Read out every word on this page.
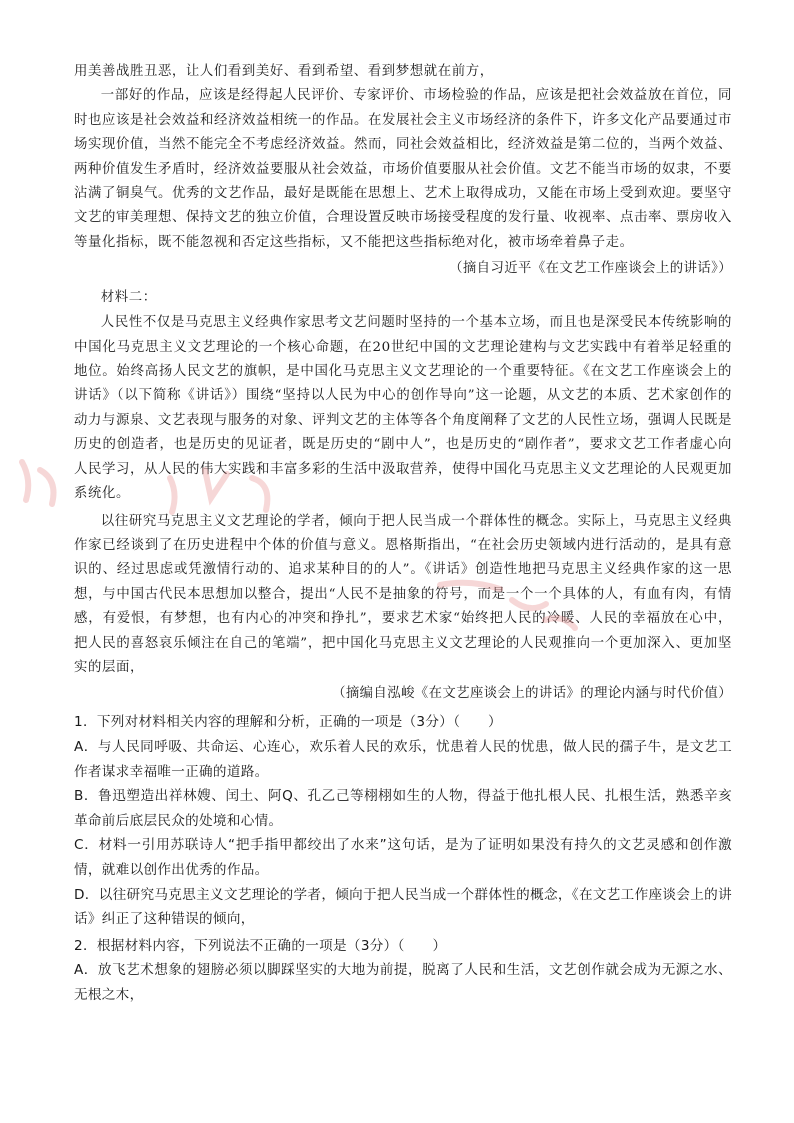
用美善战胜丑恶，让人们看到美好、看到希望、看到梦想就在前方，

一部好的作品，应该是经得起人民评价、专家评价、市场检验的作品，应该是把社会效益放在首位，同时也应该是社会效益和经济效益相统一的作品。在发展社会主义市场经济的条件下，许多文化产品要通过市场实现价值，当然不能完全不考虑经济效益。然而，同社会效益相比，经济效益是第二位的，当两个效益、两种价值发生矛盾时，经济效益要服从社会效益，市场价值要服从社会价值。文艺不能当市场的奴隶，不要沾满了铜臭气。优秀的文艺作品，最好是既能在思想上、艺术上取得成功，又能在市场上受到欢迎。要坚守文艺的审美理想、保持文艺的独立价值，合理设置反映市场接受程度的发行量、收视率、点击率、票房收入等量化指标，既不能忽视和否定这些指标，又不能把这些指标绝对化，被市场牵着鼻子走。

（摘自习近平《在文艺工作座谈会上的讲话》）

材料二：

人民性不仅是马克思主义经典作家思考文艺问题时坚持的一个基本立场，而且也是深受民本传统影响的中国化马克思主义文艺理论的一个核心命题，在20世纪中国的文艺理论建构与文艺实践中有着举足轻重的地位。始终高扬人民文艺的旗帜，是中国化马克思主义文艺理论的一个重要特征。《在文艺工作座谈会上的讲话》（以下简称《讲话》）围绕“坚持以人民为中心的创作导向”这一论题，从文艺的本质、艺术家创作的动力与源泉、文艺表现与服务的对象、评判文艺的主体等各个角度阐释了文艺的人民性立场，强调人民既是历史的创造者，也是历史的见证者，既是历史的“剧中人”，也是历史的“剧作者”，要求文艺工作者虚心向人民学习，从人民的伟大实践和丰富多彩的生活中汲取营养，使得中国化马克思主义文艺理论的人民观更加系统化。

以往研究马克思主义文艺理论的学者，倾向于把人民当成一个群体性的概念。实际上，马克思主义经典作家已经谈到了在历史进程中个体的价值与意义。恩格斯指出，“在社会历史领域内进行活动的，是具有意识的、经过思虑或凭激情行动的、追求某种目的的人”。《讲话》创造性地把马克思主义经典作家的这一思想，与中国古代民本思想加以整合，提出“人民不是抽象的符号，而是一个一个具体的人，有血有肉，有情感，有爱恨，有梦想，也有内心的冲突和挣扎”，要求艺术家“始终把人民的冷暖、人民的幸福放在心中，把人民的喜怒哀乐倾注在自己的笔端”，把中国化马克思主义文艺理论的人民观推向一个更加深入、更加坚实的层面，

（摘编自泓峻《在文艺座谈会上的讲话》的理论内涵与时代价值）

1．下列对材料相关内容的理解和分析，正确的一项是（3分）（　　）

A．与人民同呼吸、共命运、心连心，欢乐着人民的欢乐，忧患着人民的忧患，做人民的孺子牛，是文艺工作者谋求幸福唯一正确的道路。

B．鲁迅塑造出祥林嫂、闰土、阿Q、孔乙己等栩栩如生的人物，得益于他扎根人民、扎根生活，熟悉辛亥革命前后底层民众的处境和心情。

C．材料一引用苏联诗人“把手指甲都绞出了水来”这句话，是为了证明如果没有持久的文艺灵感和创作激情，就难以创作出优秀的作品。

D．以往研究马克思主义文艺理论的学者，倾向于把人民当成一个群体性的概念，《在文艺工作座谈会上的讲话》纠正了这种错误的倾向，

2．根据材料内容，下列说法不正确的一项是（3分）（　　）

A．放飞艺术想象的翅膀必须以脚踩坚实的大地为前提，脱离了人民和生活，文艺创作就会成为无源之水、无根之木，
